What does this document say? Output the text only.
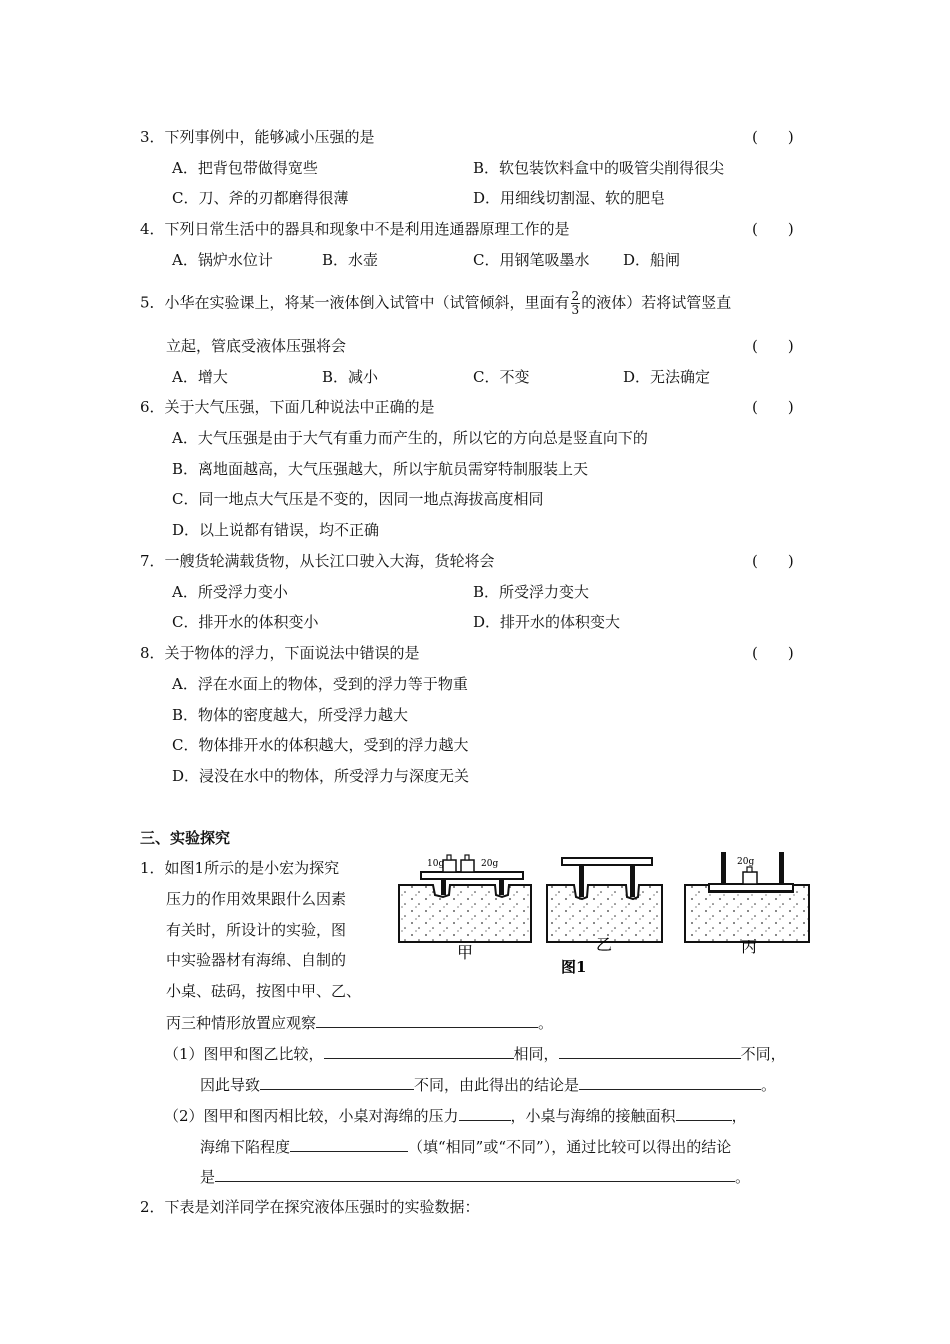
3．下列事例中，能够减小压强的是	(　　)
A．把背包带做得宽些	B．软包装饮料盒中的吸管尖削得很尖
C．刀、斧的刃都磨得很薄	D．用细线切割湿、软的肥皂
4．下列日常生活中的器具和现象中不是利用连通器原理工作的是	(　　)
A．锅炉水位计	B．水壶	C．用钢笔吸墨水 D．船闸
5．小华在实验课上，将某一液体倒入试管中（试管倾斜，里面有 $\frac{2}{3}$ 的液体）若将试管竖直
立起，管底受液体压强将会	(　　)
A．增大	B．减小	C．不变	D．无法确定
6．关于大气压强，下面几种说法中正确的是	(　　)
A．大气压强是由于大气有重力而产生的，所以它的方向总是竖直向下的
B．离地面越高，大气压强越大，所以宇航员需穿特制服装上天
C．同一地点大气压是不变的，因同一地点海拔高度相同
D．以上说都有错误，均不正确
7．一艘货轮满载货物，从长江口驶入大海，货轮将会	(　　)
A．所受浮力变小	B．所受浮力变大
C．排开水的体积变小	D．排开水的体积变大
8．关于物体的浮力，下面说法中错误的是	(　　)
A．浮在水面上的物体，受到的浮力等于物重
B．物体的密度越大，所受浮力越大
C．物体排开水的体积越大，受到的浮力越大
D．浸没在水中的物体，所受浮力与深度无关
三、实验探究
1．如图1所示的是小宏为探究
压力的作用效果跟什么因素
有关时，所设计的实验，图
中实验器材有海绵、自制的
小桌、砝码，按图中甲、乙、
丙三种情形放置应观察	。
10g	20g	20g
甲	乙	丙
图1
（1）图甲和图乙比较，	相同，	不同，
因此导致	不同，由此得出的结论是	。
（2）图甲和图丙相比较，小桌对海绵的压力	，小桌与海绵的接触面积	，
海绵下陷程度	（填“相同”或“不同”），通过比较可以得出的结论
是	。
2．下表是刘洋同学在探究液体压强时的实验数据：
